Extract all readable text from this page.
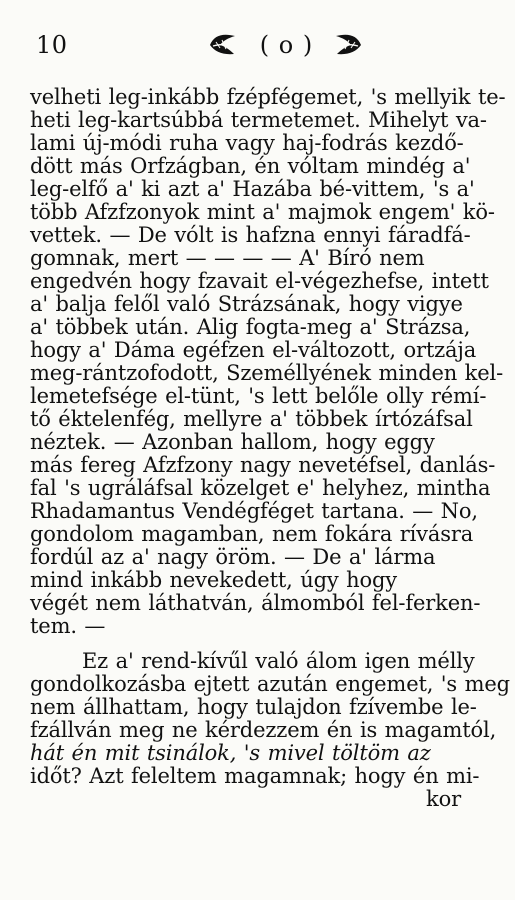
10	( o )
velheti leg-inkább fzépfégemet, 's mellyik te-
heti leg-kartsúbbá termetemet. Mihelyt va-
lami új-módi ruha vagy haj-fodrás kezdő-
dött más Orfzágban, én vóltam mindég a'
leg-elfő a' ki azt a' Hazába bé-vittem, 's a'
több Afzfzonyok mint a' majmok engem' kö-
vettek. — De vólt is hafzna ennyi fáradfá-
gomnak, mert — — — — A' Bíró nem
engedvén hogy fzavait el-végezhefse, intett
a' balja felől való Strázsának, hogy vigye
a' többek után. Alig fogta-meg a' Strázsa,
hogy a' Dáma egéfzen el-változott, ortzája
meg-rántzofodott, Személlyének minden kel-
lemetefsége el-tünt, 's lett belőle olly rémí-
tő éktelenfég, mellyre a' többek írtózáfsal
néztek. — Azonban hallom, hogy eggy
más fereg Afzfzony nagy nevetéfsel, danlás-
fal 's ugráláfsal közelget e' helyhez, mintha
Rhadamantus Vendégféget tartana. — No,
gondolom magamban, nem fokára rívásra
fordúl az a' nagy öröm. — De a' lárma
mind inkább nevekedett, úgy hogy
végét nem láthatván, álmomból fel-ferken-
tem. —
Ez a' rend-kívűl való álom igen mélly
gondolkozásba ejtett azután engemet, 's meg
nem állhattam, hogy tulajdon fzívembe le-
fzállván meg ne kérdezzem én is magamtól,
hát én mit tsinálok, 's mivel töltöm az
időt? Azt feleltem magamnak; hogy én mi-
kor
